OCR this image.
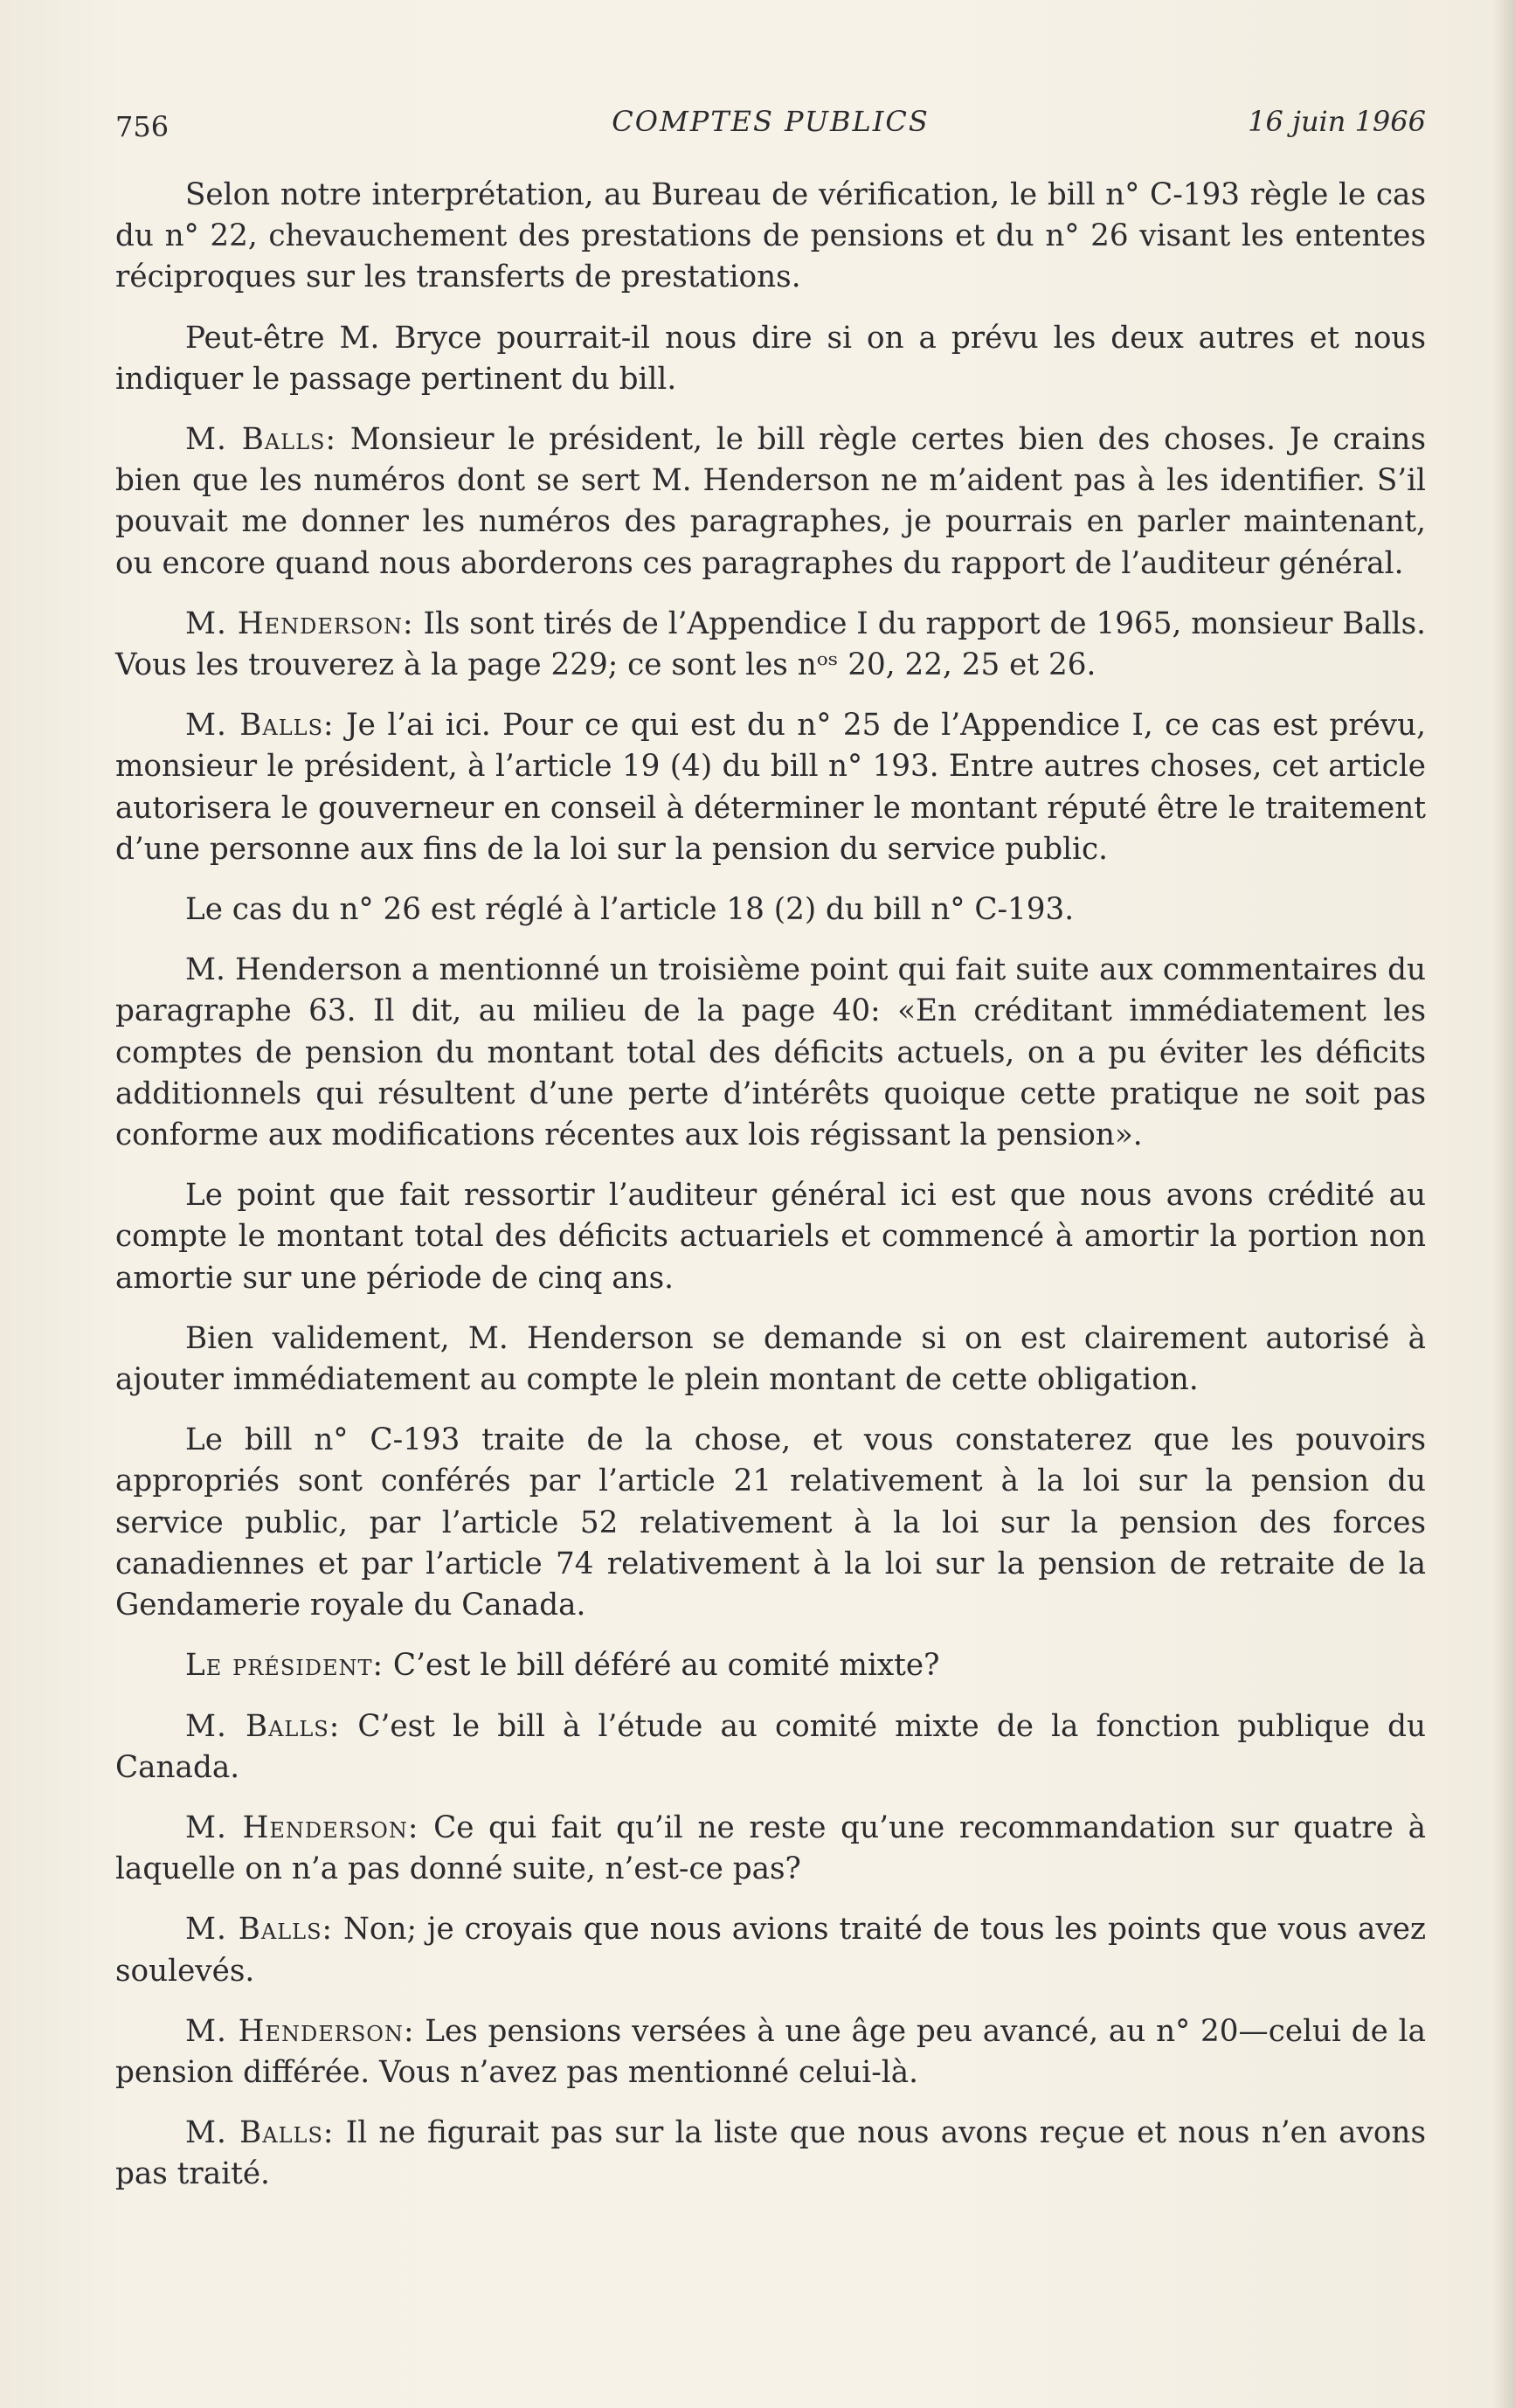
756	COMPTES PUBLICS	16 juin 1966

Selon notre interprétation, au Bureau de vérification, le bill n° C-193 règle le cas du n° 22, chevauchement des prestations de pensions et du n° 26 visant les ententes réciproques sur les transferts de prestations.

Peut-être M. Bryce pourrait-il nous dire si on a prévu les deux autres et nous indiquer le passage pertinent du bill.

M. Balls: Monsieur le président, le bill règle certes bien des choses. Je crains bien que les numéros dont se sert M. Henderson ne m’aident pas à les identifier. S’il pouvait me donner les numéros des paragraphes, je pourrais en parler maintenant, ou encore quand nous aborderons ces paragraphes du rapport de l’auditeur général.

M. Henderson: Ils sont tirés de l’Appendice I du rapport de 1965, monsieur Balls. Vous les trouverez à la page 229; ce sont les nᵒˢ 20, 22, 25 et 26.

M. Balls: Je l’ai ici. Pour ce qui est du n° 25 de l’Appendice I, ce cas est prévu, monsieur le président, à l’article 19 (4) du bill n° 193. Entre autres choses, cet article autorisera le gouverneur en conseil à déterminer le montant réputé être le traitement d’une personne aux fins de la loi sur la pension du service public.

Le cas du n° 26 est réglé à l’article 18 (2) du bill n° C-193.

M. Henderson a mentionné un troisième point qui fait suite aux commentaires du paragraphe 63. Il dit, au milieu de la page 40: «En créditant immédiatement les comptes de pension du montant total des déficits actuels, on a pu éviter les déficits additionnels qui résultent d’une perte d’intérêts quoique cette pratique ne soit pas conforme aux modifications récentes aux lois régissant la pension».

Le point que fait ressortir l’auditeur général ici est que nous avons crédité au compte le montant total des déficits actuariels et commencé à amortir la portion non amortie sur une période de cinq ans.

Bien validement, M. Henderson se demande si on est clairement autorisé à ajouter immédiatement au compte le plein montant de cette obligation.

Le bill n° C-193 traite de la chose, et vous constaterez que les pouvoirs appropriés sont conférés par l’article 21 relativement à la loi sur la pension du service public, par l’article 52 relativement à la loi sur la pension des forces canadiennes et par l’article 74 relativement à la loi sur la pension de retraite de la Gendamerie royale du Canada.

Le président: C’est le bill déféré au comité mixte?

M. Balls: C’est le bill à l’étude au comité mixte de la fonction publique du Canada.

M. Henderson: Ce qui fait qu’il ne reste qu’une recommandation sur quatre à laquelle on n’a pas donné suite, n’est-ce pas?

M. Balls: Non; je croyais que nous avions traité de tous les points que vous avez soulevés.

M. Henderson: Les pensions versées à une âge peu avancé, au n° 20—celui de la pension différée. Vous n’avez pas mentionné celui-là.

M. Balls: Il ne figurait pas sur la liste que nous avons reçue et nous n’en avons pas traité.
